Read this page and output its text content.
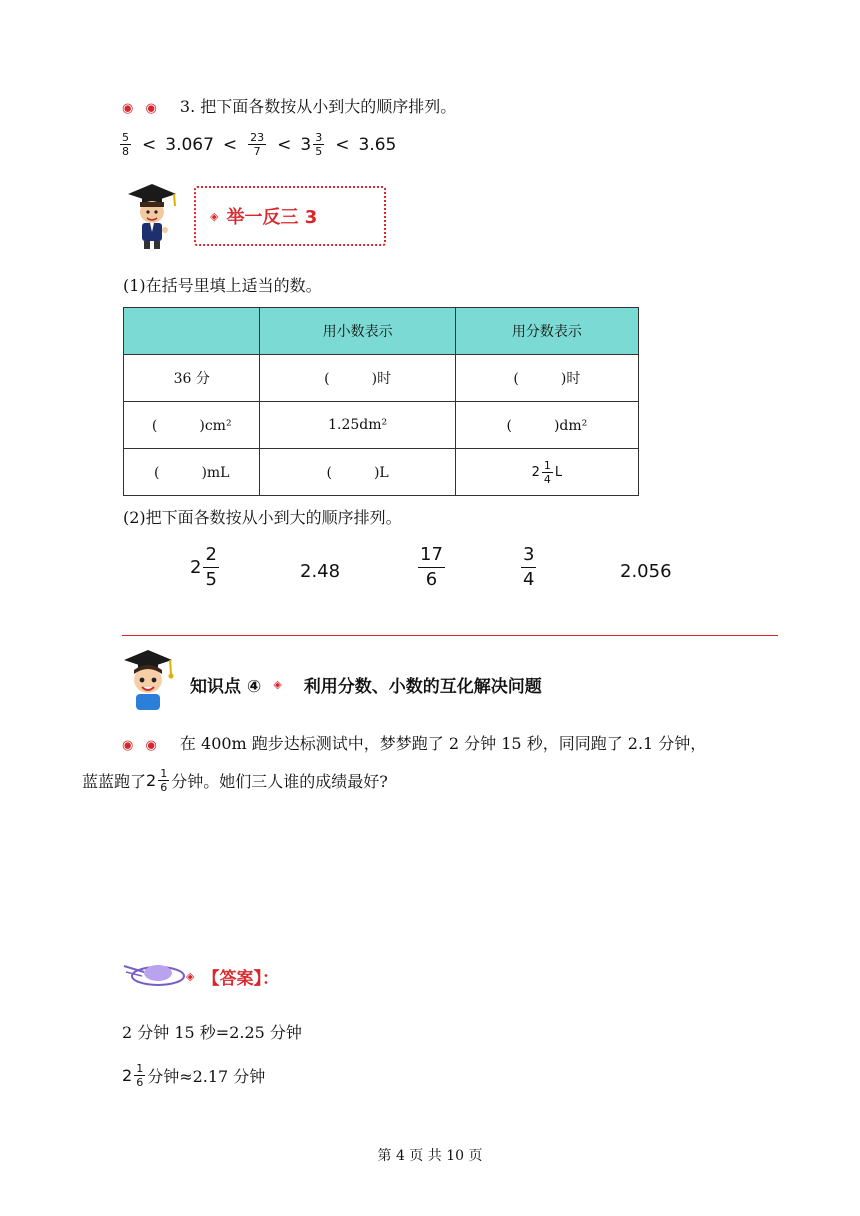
◉ ◉ 3. 把下面各数按从小到大的顺序排列。
$\frac{5}{8} < 3.067 < \frac{23}{7} < 3 \frac{3}{5} < 3.65$
◈ 举一反三 3
(1)在括号里填上适当的数。
	用小数表示	用分数表示
36 分	(　　　)时	(　　　)时
(　　　)cm²	1.25dm²	(　　　)dm²
(　　　)mL	(　　　)L	$2 \frac{1}{4}$ L
(2)把下面各数按从小到大的顺序排列。
$2 \frac{2}{5}$	2.48	$\frac{17}{6}$	$\frac{3}{4}$	2.056
知识点 ④ ◈ 利用分数、小数的互化解决问题
◉ ◉ 在 400m 跑步达标测试中，梦梦跑了 2 分钟 15 秒，同同跑了 2.1 分钟，
蓝蓝跑了 $2 \frac{1}{6}$ 分钟。她们三人谁的成绩最好?
◈ 【答案】：
2 分钟 15 秒=2.25 分钟
$2 \frac{1}{6}$ 分钟≈2.17 分钟
第 4 页 共 10 页
